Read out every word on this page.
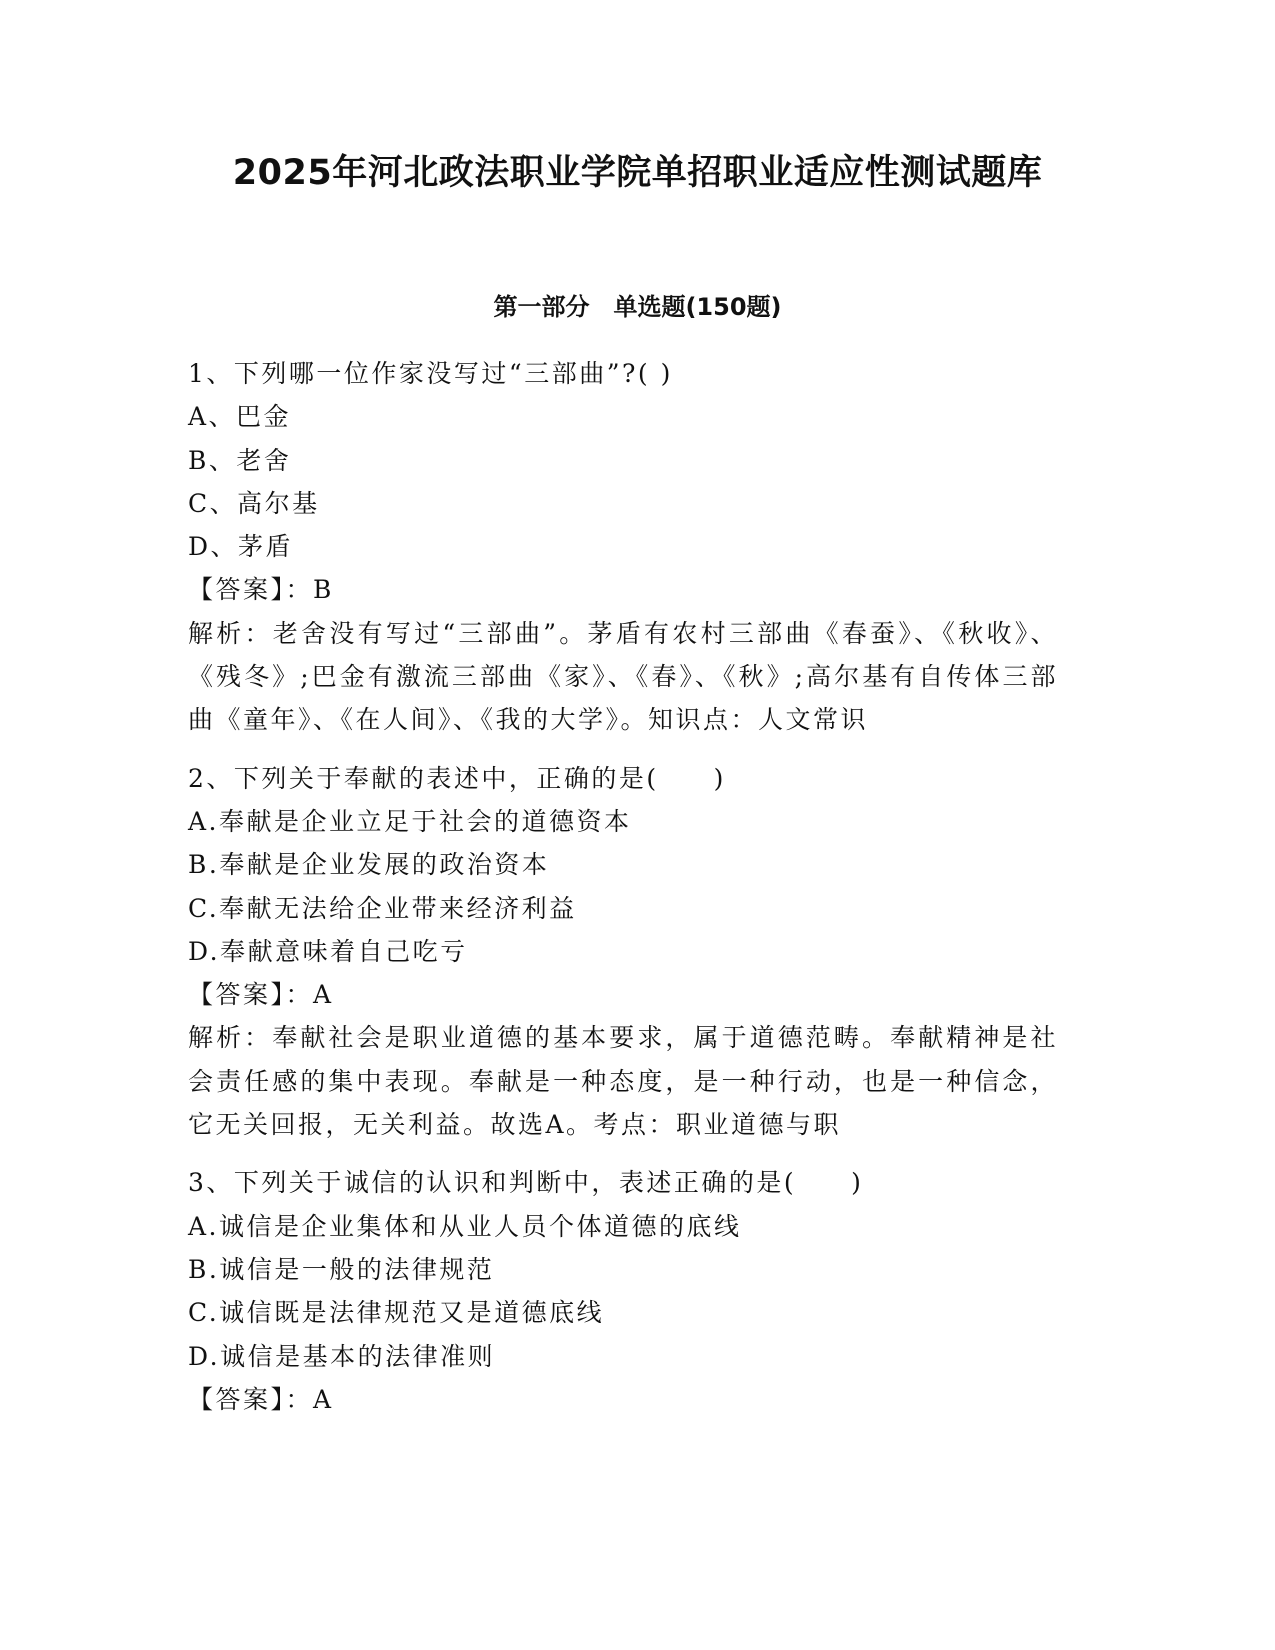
2025年河北政法职业学院单招职业适应性测试题库
第一部分　单选题(150题)
1、下列哪一位作家没写过“三部曲”?( )
A、巴金
B、老舍
C、高尔基
D、茅盾
【答案】：B
解析：老舍没有写过“三部曲”。茅盾有农村三部曲《春蚕》、《秋收》、《残冬》;巴金有激流三部曲《家》、《春》、《秋》;高尔基有自传体三部曲《童年》、《在人间》、《我的大学》。知识点：人文常识
2、下列关于奉献的表述中，正确的是(　　)
A.奉献是企业立足于社会的道德资本
B.奉献是企业发展的政治资本
C.奉献无法给企业带来经济利益
D.奉献意味着自己吃亏
【答案】：A
解析：奉献社会是职业道德的基本要求，属于道德范畴。奉献精神是社会责任感的集中表现。奉献是一种态度，是一种行动，也是一种信念，它无关回报，无关利益。故选A。考点：职业道德与职
3、下列关于诚信的认识和判断中，表述正确的是(　　)
A.诚信是企业集体和从业人员个体道德的底线
B.诚信是一般的法律规范
C.诚信既是法律规范又是道德底线
D.诚信是基本的法律准则
【答案】：A
